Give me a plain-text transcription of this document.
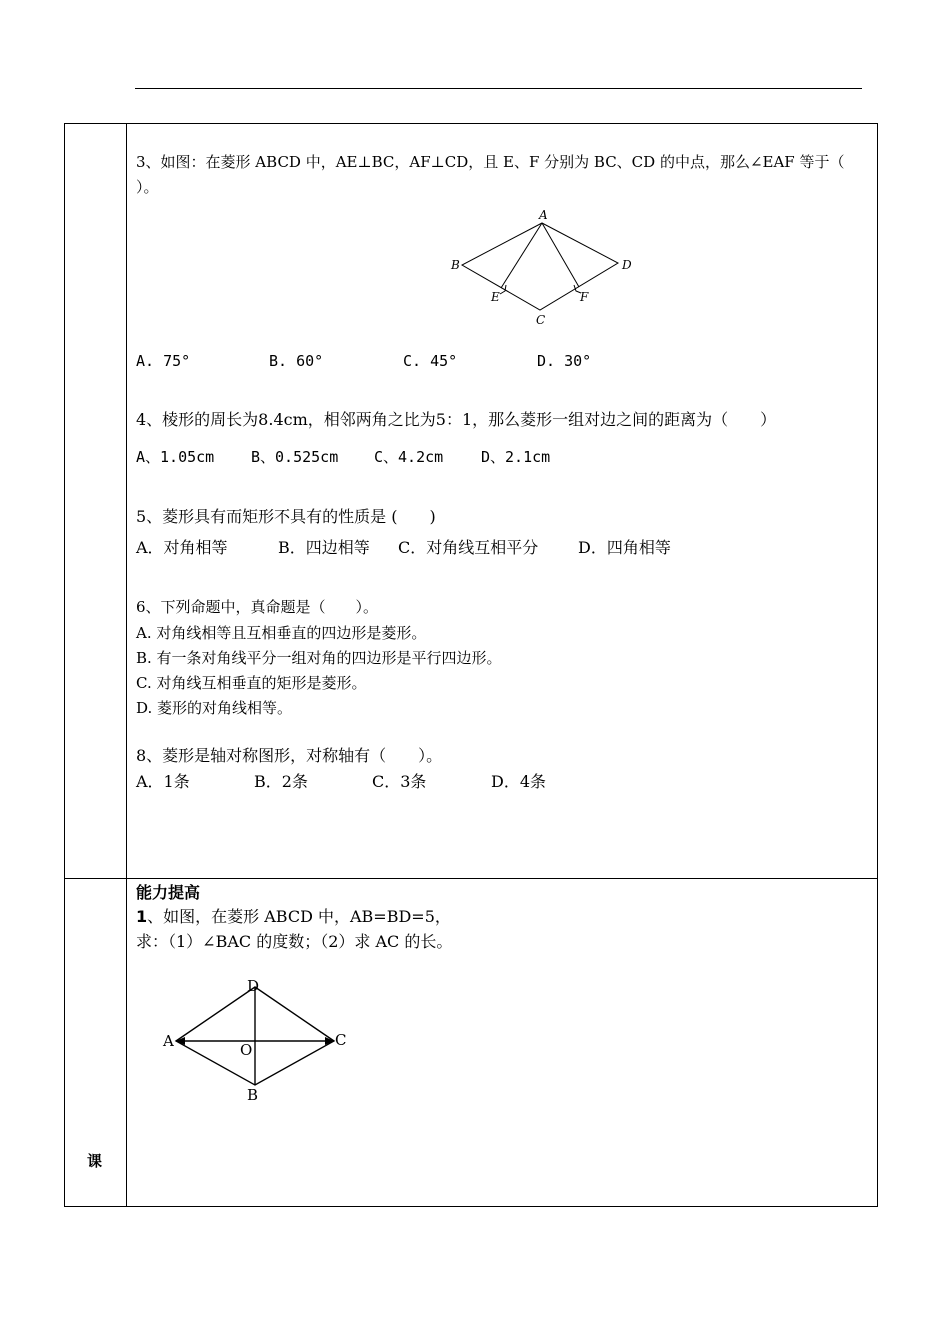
3、如图：在菱形 ABCD 中，AE⊥BC，AF⊥CD，且 E、F 分别为 BC、CD 的中点，那么∠EAF 等于（
）。
A
B
C
D
E	F
A. 75°	B. 60°	C. 45°	D. 30°
4、棱形的周长为8.4cm，相邻两角之比为5：1，那么菱形一组对边之间的距离为（　　）
A、1.05cm B、0.525cm C、4.2cm	D、2.1cm
5、菱形具有而矩形不具有的性质是 (　　)
A．对角相等	B．四边相等 C．对角线互相平分 D．四角相等
6、下列命题中，真命题是（　　）。
A. 对角线相等且互相垂直的四边形是菱形。
B. 有一条对角线平分一组对角的四边形是平行四边形。
C. 对角线互相垂直的矩形是菱形。
D. 菱形的对角线相等。
8、菱形是轴对称图形，对称轴有（　　）。
A．1条	B．2条	C．3条	D．4条
能力提高
1、如图，在菱形 ABCD 中，AB=BD=5，
求：（1）∠BAC 的度数；（2）求 AC 的长。
A
D
C
O
B
课
